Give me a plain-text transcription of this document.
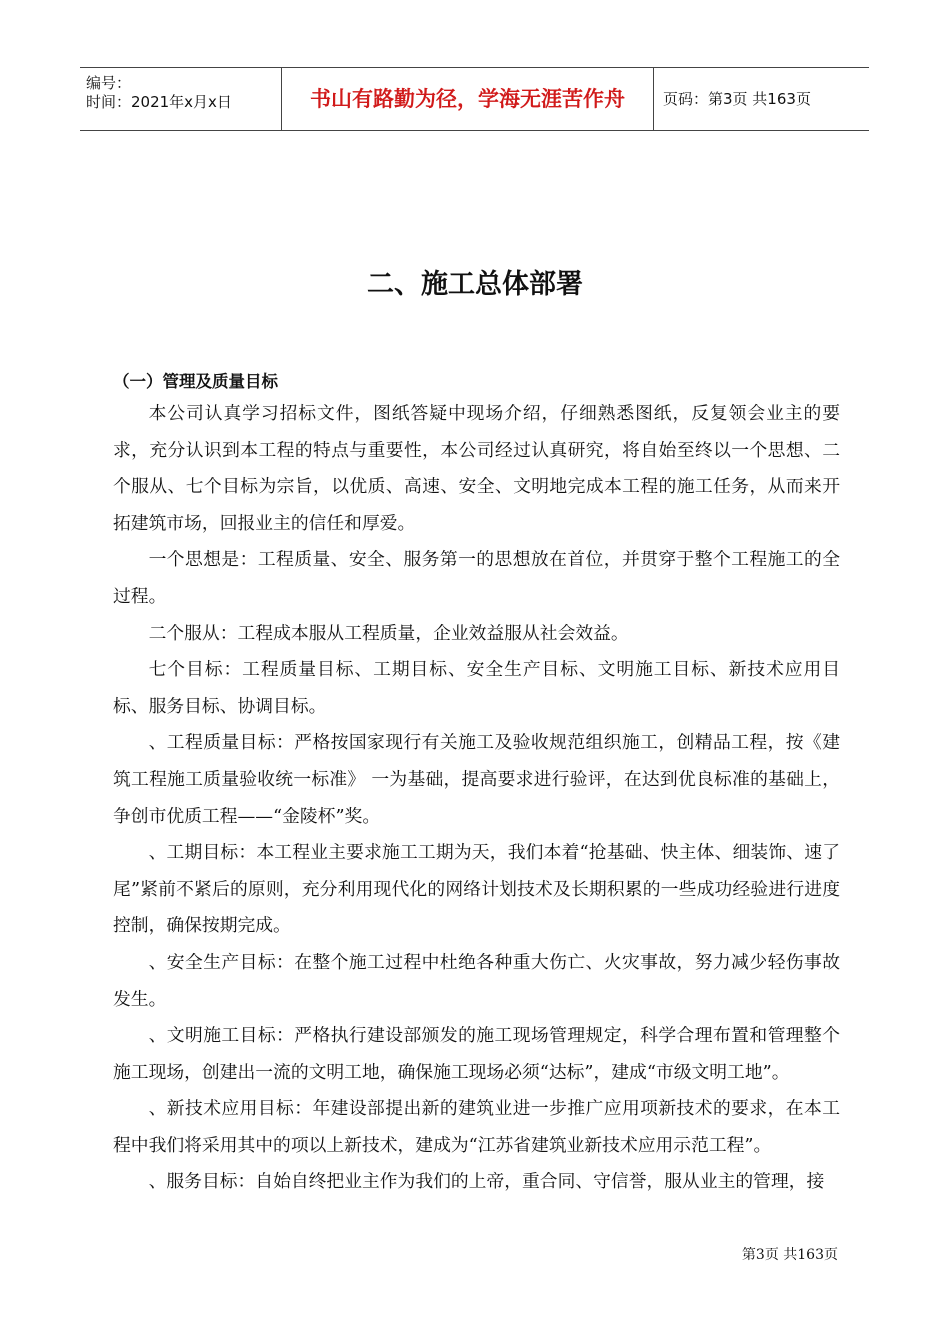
编号：
时间：2021年x月x日	书山有路勤为径，学海无涯苦作舟	页码：第3页 共163页
二、施工总体部署
（一）管理及质量目标

本公司认真学习招标文件，图纸答疑中现场介绍，仔细熟悉图纸，反复领会业主的要求，充分认识到本工程的特点与重要性，本公司经过认真研究，将自始至终以一个思想、二个服从、七个目标为宗旨，以优质、高速、安全、文明地完成本工程的施工任务，从而来开拓建筑市场，回报业主的信任和厚爱。

一个思想是：工程质量、安全、服务第一的思想放在首位，并贯穿于整个工程施工的全过程。

二个服从：工程成本服从工程质量，企业效益服从社会效益。

七个目标：工程质量目标、工期目标、安全生产目标、文明施工目标、新技术应用目标、服务目标、协调目标。

、工程质量目标：严格按国家现行有关施工及验收规范组织施工，创精品工程，按《建筑工程施工质量验收统一标准》 一为基础，提高要求进行验评，在达到优良标准的基础上，争创市优质工程——“金陵杯”奖。

、工期目标：本工程业主要求施工工期为天，我们本着“抢基础、快主体、细装饰、速了尾”紧前不紧后的原则，充分利用现代化的网络计划技术及长期积累的一些成功经验进行进度控制，确保按期完成。

、安全生产目标：在整个施工过程中杜绝各种重大伤亡、火灾事故，努力减少轻伤事故发生。

、文明施工目标：严格执行建设部颁发的施工现场管理规定，科学合理布置和管理整个施工现场，创建出一流的文明工地，确保施工现场必须“达标”，建成“市级文明工地”。

、新技术应用目标：年建设部提出新的建筑业进一步推广应用项新技术的要求，在本工程中我们将采用其中的项以上新技术，建成为“江苏省建筑业新技术应用示范工程”。

、服务目标：自始自终把业主作为我们的上帝，重合同、守信誉，服从业主的管理，接

第3页 共163页
